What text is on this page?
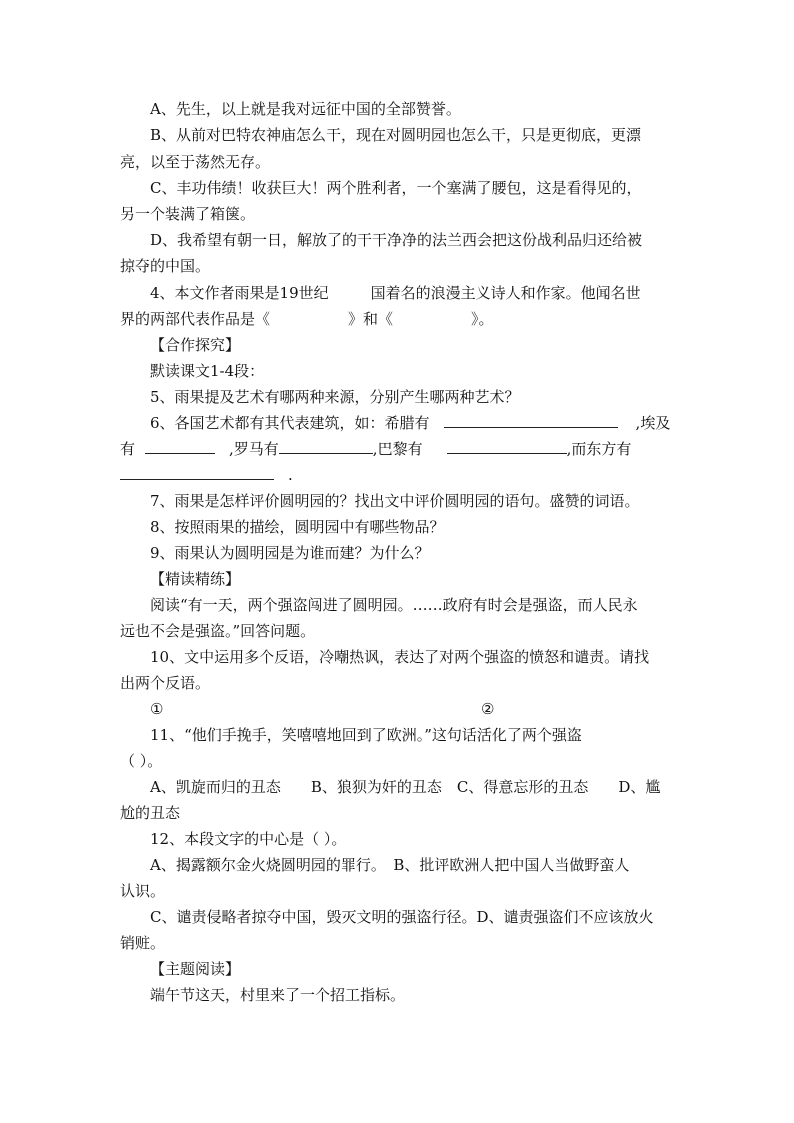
A、先生，以上就是我对远征中国的全部赞誉。
B、从前对巴特农神庙怎么干，现在对圆明园也怎么干，只是更彻底，更漂
亮，以至于荡然无存。
C、丰功伟绩！收获巨大！两个胜利者，一个塞满了腰包，这是看得见的，
另一个装满了箱箧。
D、我希望有朝一日，解放了的干干净净的法兰西会把这份战利品归还给被
掠夺的中国。
4、本文作者雨果是19世纪	国着名的浪漫主义诗人和作家。他闻名世
界的两部代表作品是《	》和《	》。
【合作探究】
默读课文1-4段：
5、雨果提及艺术有哪两种来源，分别产生哪两种艺术？
6、各国艺术都有其代表建筑，如：希腊有	,埃及
有	,罗马有	,巴黎有	,而东方有
.
7、雨果是怎样评价圆明园的？找出文中评价圆明园的语句。盛赞的词语。
8、按照雨果的描绘，圆明园中有哪些物品？
9、雨果认为圆明园是为谁而建？为什么？
【精读精练】
阅读“有一天，两个强盗闯进了圆明园。……政府有时会是强盗，而人民永
远也不会是强盗。”回答问题。
10、文中运用多个反语，冷嘲热讽，表达了对两个强盗的愤怒和谴责。请找
出两个反语。
①	②
11、“他们手挽手，笑嘻嘻地回到了欧洲。”这句话活化了两个强盗
（ ）。
A、凯旋而归的丑态　　B、狼狈为奸的丑态　C、得意忘形的丑态　　D、尴
尬的丑态
12、本段文字的中心是（ ）。
A、揭露额尔金火烧圆明园的罪行。　B、批评欧洲人把中国人当做野蛮人
认识。
C、谴责侵略者掠夺中国，毁灭文明的强盗行径。D、谴责强盗们不应该放火
销赃。
【主题阅读】
端午节这天，村里来了一个招工指标。
